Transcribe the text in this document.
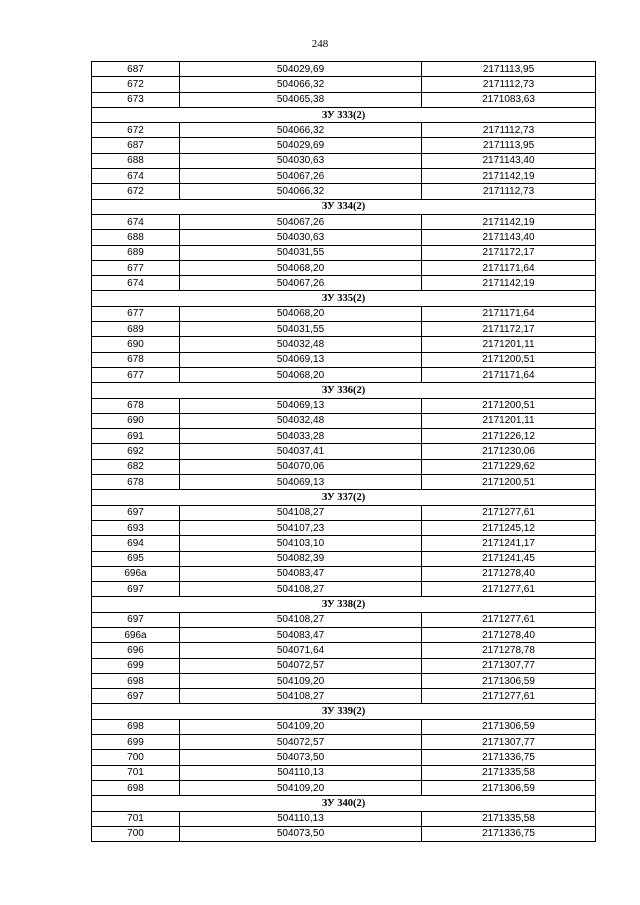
248
687	504029,69	2171113,95
672	504066,32	2171112,73
673	504065,38	2171083,63
ЗУ 333(2)		
672	504066,32	2171112,73
687	504029,69	2171113,95
688	504030,63	2171143,40
674	504067,26	2171142,19
672	504066,32	2171112,73
ЗУ 334(2)		
674	504067,26	2171142,19
688	504030,63	2171143,40
689	504031,55	2171172,17
677	504068,20	2171171,64
674	504067,26	2171142,19
ЗУ 335(2)		
677	504068,20	2171171,64
689	504031,55	2171172,17
690	504032,48	2171201,11
678	504069,13	2171200,51
677	504068,20	2171171,64
ЗУ 336(2)		
678	504069,13	2171200,51
690	504032,48	2171201,11
691	504033,28	2171226,12
692	504037,41	2171230,06
682	504070,06	2171229,62
678	504069,13	2171200,51
ЗУ 337(2)		
697	504108,27	2171277,61
693	504107,23	2171245,12
694	504103,10	2171241,17
695	504082,39	2171241,45
696a	504083,47	2171278,40
697	504108,27	2171277,61
ЗУ 338(2)		
697	504108,27	2171277,61
696a	504083,47	2171278,40
696	504071,64	2171278,78
699	504072,57	2171307,77
698	504109,20	2171306,59
697	504108,27	2171277,61
ЗУ 339(2)		
698	504109,20	2171306,59
699	504072,57	2171307,77
700	504073,50	2171336,75
701	504110,13	2171335,58
698	504109,20	2171306,59
ЗУ 340(2)		
701	504110,13	2171335,58
700	504073,50	2171336,75
